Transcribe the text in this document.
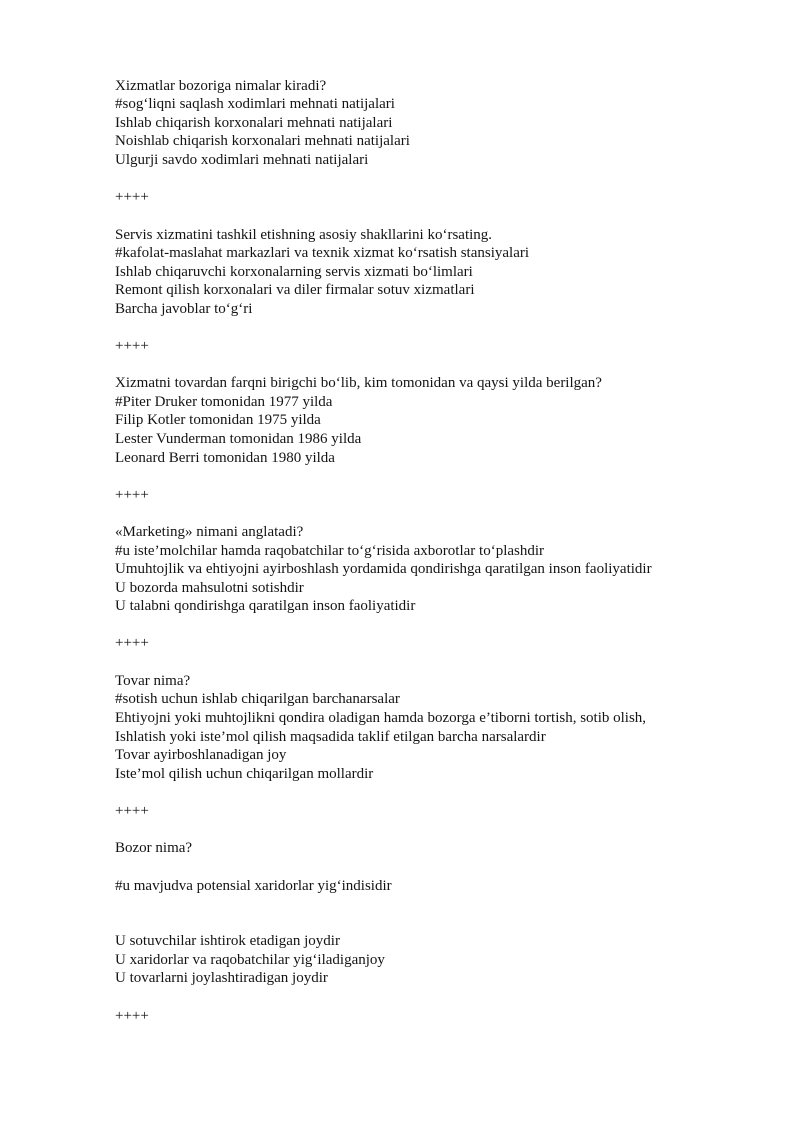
Xizmatlar bozoriga nimalar kiradi?
#sog‘liqni saqlash xodimlari mehnati natijalari
Ishlab chiqarish korxonalari mehnati natijalari
Noishlab chiqarish korxonalari mehnati natijalari
Ulgurji savdo xodimlari mehnati natijalari
++++
Servis xizmatini tashkil etishning asosiy shakllarini ko‘rsating.
#kafolat-maslahat markazlari va texnik xizmat ko‘rsatish stansiyalari
Ishlab chiqaruvchi korxonalarning servis xizmati bo‘limlari
Remont qilish korxonalari va diler firmalar sotuv xizmatlari
Barcha javoblar to‘g‘ri
++++
Xizmatni tovardan farqni birigchi bo‘lib, kim tomonidan va qaysi yilda berilgan?
#Piter Druker tomonidan 1977 yilda
Filip Kotler tomonidan 1975 yilda
Lester Vunderman tomonidan 1986 yilda
Leonard Berri tomonidan 1980 yilda
++++
«Marketing» nimani anglatadi?
#u iste’molchilar hamda raqobatchilar to‘g‘risida axborotlar to‘plashdir
Umuhtojlik va ehtiyojni ayirboshlash yordamida qondirishga qaratilgan inson faoliyatidir
U bozorda mahsulotni sotishdir
U talabni qondirishga qaratilgan inson faoliyatidir
++++
Tovar nima?
#sotish uchun ishlab chiqarilgan barchanarsalar
Ehtiyojni yoki muhtojlikni qondira oladigan hamda bozorga e’tiborni tortish, sotib olish,
Ishlatish yoki iste’mol qilish maqsadida taklif etilgan barcha narsalardir
Tovar ayirboshlanadigan joy
Iste’mol qilish uchun chiqarilgan mollardir
++++
Bozor nima?
#u mavjudva potensial xaridorlar yig‘indisidir
U sotuvchilar ishtirok etadigan joydir
U xaridorlar va raqobatchilar yig‘iladiganjoy
U tovarlarni joylashtiradigan joydir
++++
